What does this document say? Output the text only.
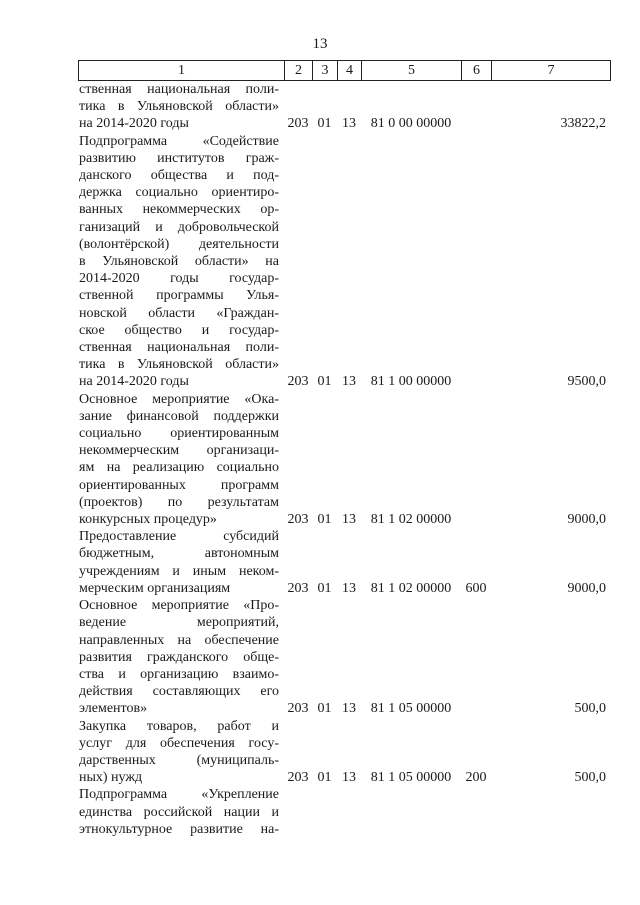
13
1	2	3	4	5	6	7
ственная национальная поли-
тика в Ульяновской области»
на 2014-2020 годы	203 01 13	81 0 00 00000	33822,2
Подпрограмма «Содействие
развитию институтов граж-
данского общества и под-
держка социально ориентиро-
ванных некоммерческих ор-
ганизаций и добровольческой
(волонтёрской) деятельности
в Ульяновской области» на
2014-2020 годы государ-
ственной программы Улья-
новской области «Граждан-
ское общество и государ-
ственная национальная поли-
тика в Ульяновской области»
на 2014-2020 годы	203 01 13	81 1 00 00000	9500,0
Основное мероприятие «Ока-
зание финансовой поддержки
социально ориентированным
некоммерческим организаци-
ям на реализацию социально
ориентированных программ
(проектов) по результатам
конкурсных процедур»	203 01 13	81 1 02 00000	9000,0
Предоставление субсидий
бюджетным, автономным
учреждениям и иным неком-
мерческим организациям	203 01 13	81 1 02 00000	600	9000,0
Основное мероприятие «Про-
ведение мероприятий,
направленных на обеспечение
развития гражданского обще-
ства и организацию взаимо-
действия составляющих его
элементов»	203 01 13	81 1 05 00000	500,0
Закупка товаров, работ и
услуг для обеспечения госу-
дарственных (муниципаль-
ных) нужд	203 01 13	81 1 05 00000	200	500,0
Подпрограмма «Укрепление
единства российской нации и
этнокультурное развитие на-
